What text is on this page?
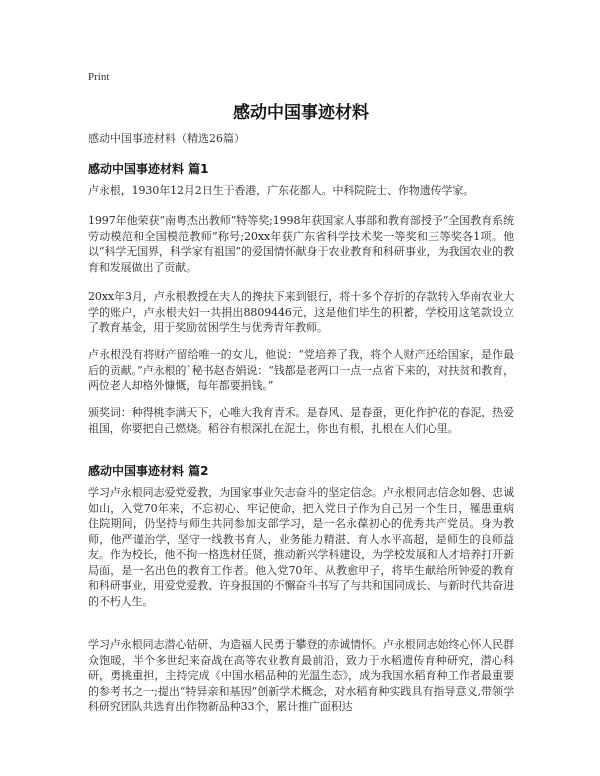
Print
感动中国事迹材料
感动中国事迹材料（精选26篇）
感动中国事迹材料 篇1
卢永根，1930年12月2日生于香港，广东花都人。中科院院士、作物遗传学家。
1997年他荣获“南粤杰出教师”特等奖;1998年获国家人事部和教育部授予“全国教育系统劳动模范和全国模范教师”称号;20xx年获广东省科学技术奖一等奖和三等奖各1项。他以“科学无国界，科学家有祖国”的爱国情怀献身于农业教育和科研事业，为我国农业的教育和发展做出了贡献。
20xx年3月，卢永根教授在夫人的搀扶下来到银行，将十多个存折的存款转入华南农业大学的账户，卢永根夫妇一共捐出8809446元，这是他们毕生的积蓄，学校用这笔款设立了教育基金，用于奖励贫困学生与优秀青年教师。
卢永根没有将财产留给唯一的女儿，他说：“党培养了我，将个人财产还给国家，是作最后的贡献。”卢永根的`秘书赵杏娟说：“钱都是老两口一点一点省下来的，对扶贫和教育，两位老人却格外慷慨，每年都要捐钱。”
颁奖词：种得桃李满天下，心唯大我育青禾。是春风、是春蚕，更化作护花的春泥，热爱祖国，你要把自己燃烧。稻谷有根深扎在泥土，你也有根，扎根在人们心里。
感动中国事迹材料 篇2
学习卢永根同志爱党爱教，为国家事业矢志奋斗的坚定信念。卢永根同志信念如磐、忠诚如山，入党70年来，不忘初心、牢记使命，把入党日子作为自己另一个生日，罹患重病住院期间，仍坚持与师生共同参加支部学习，是一名永葆初心的优秀共产党员。身为教师，他严谨治学，坚守一线教书育人，业务能力精湛、育人水平高超，是师生的良师益友。作为校长，他不拘一格选材任贤，推动新兴学科建设，为学校发展和人才培养打开新局面，是一名出色的教育工作者。他入党70年、从教愈甲子，将毕生献给所钟爱的教育和科研事业，用爱党爱教、许身报国的不懈奋斗书写了与共和国同成长、与新时代共奋进的不朽人生。
学习卢永根同志潜心钻研、为造福人民勇于攀登的赤诚情怀。卢永根同志始终心怀人民群众饱暖，半个多世纪来奋战在高等农业教育最前沿，致力于水稻遗传育种研究，潜心科研，勇挑重担，主持完成《中国水稻品种的光温生态》，成为我国水稻育种工作者最重要的参考书之一;提出“特异亲和基因”创新学术概念，对水稻育种实践具有指导意义,带领学科研究团队共选育出作物新品种33个，累计推广面积达
